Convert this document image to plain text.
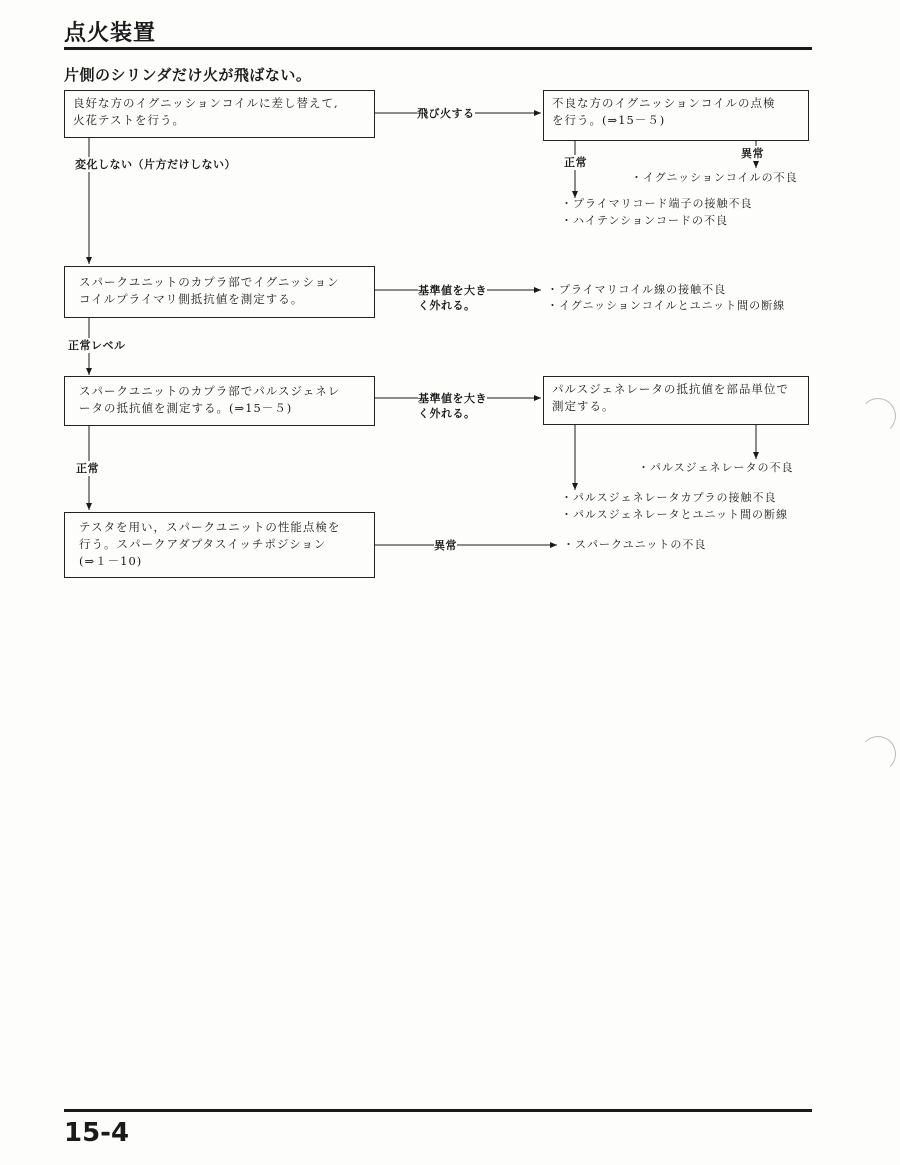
点火装置
片側のシリンダだけ火が飛ばない。
良好な方のイグニッションコイルに差し替えて,
火花テストを行う。	飛び火する
不良な方のイグニッションコイルの点検
を行う。(⇒15－５)
正常
異常
・イグニッションコイルの不良
・プライマリコード端子の接触不良
・ハイテンションコードの不良
変化しない（片方だけしない）
スパークユニットのカプラ部でイグニッション
コイルプライマリ側抵抗値を測定する。
基準値を大き
く外れる。
・プライマリコイル線の接触不良
・イグニッションコイルとユニット間の断線
正常レベル
スパークユニットのカプラ部でパルスジェネレ
ータの抵抗値を測定する。(⇒15－５)
基準値を大き
く外れる。
パルスジェネレータの抵抗値を部品単位で
測定する。
・パルスジェネレータの不良
・パルスジェネレータカプラの接触不良
・パルスジェネレータとユニット間の断線
正常
テスタを用い，スパークユニットの性能点検を
行う。スパークアダプタスイッチポジション
(⇒１－10)
異常	・スパークユニットの不良
15-4
